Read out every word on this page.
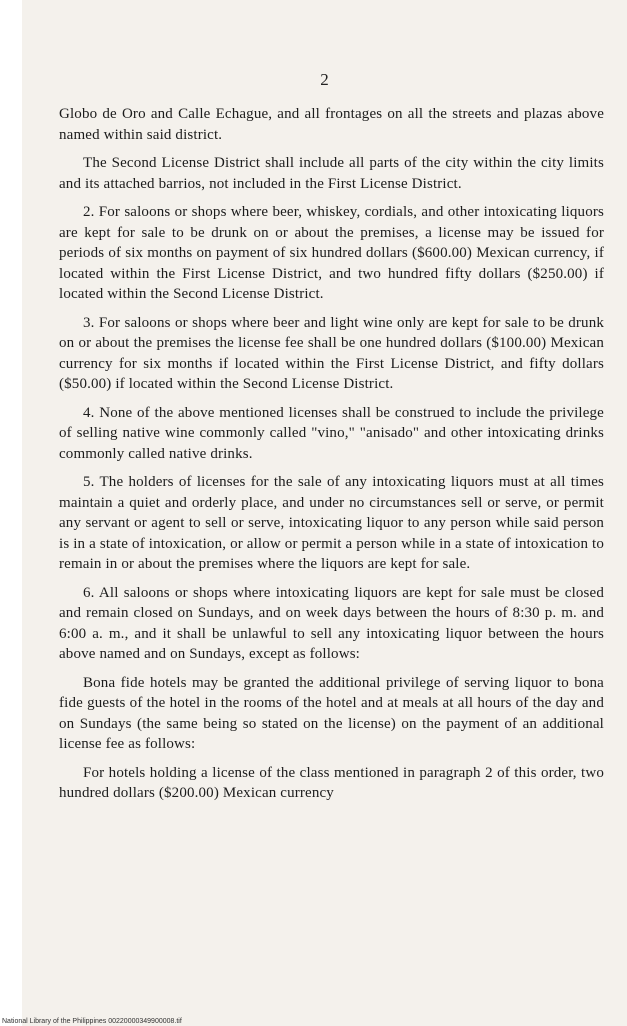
2

Globo de Oro and Calle Echague, and all frontages on all the streets and plazas above named within said district.

The Second License District shall include all parts of the city within the city limits and its attached barrios, not included in the First License District.

2. For saloons or shops where beer, whiskey, cordials, and other intoxicating liquors are kept for sale to be drunk on or about the premises, a license may be issued for periods of six months on payment of six hundred dollars ($600.00) Mexican currency, if located within the First License District, and two hundred fifty dollars ($250.00) if located within the Second License District.

3. For saloons or shops where beer and light wine only are kept for sale to be drunk on or about the premises the license fee shall be one hundred dollars ($100.00) Mexican currency for six months if located within the First License District, and fifty dollars ($50.00) if located within the Second License District.

4. None of the above mentioned licenses shall be construed to include the privilege of selling native wine commonly called "vino," "anisado" and other intoxicating drinks commonly called native drinks.

5. The holders of licenses for the sale of any intoxicating liquors must at all times maintain a quiet and orderly place, and under no circumstances sell or serve, or permit any servant or agent to sell or serve, intoxicating liquor to any person while said person is in a state of intoxication, or allow or permit a person while in a state of intoxication to remain in or about the premises where the liquors are kept for sale.

6. All saloons or shops where intoxicating liquors are kept for sale must be closed and remain closed on Sundays, and on week days between the hours of 8:30 p. m. and 6:00 a. m., and it shall be unlawful to sell any intoxicating liquor between the hours above named and on Sundays, except as follows:

Bona fide hotels may be granted the additional privilege of serving liquor to bona fide guests of the hotel in the rooms of the hotel and at meals at all hours of the day and on Sundays (the same being so stated on the license) on the payment of an additional license fee as follows:

For hotels holding a license of the class mentioned in paragraph 2 of this order, two hundred dollars ($200.00) Mexican currency

National Library of the Philippines 00220000349900008.tif
